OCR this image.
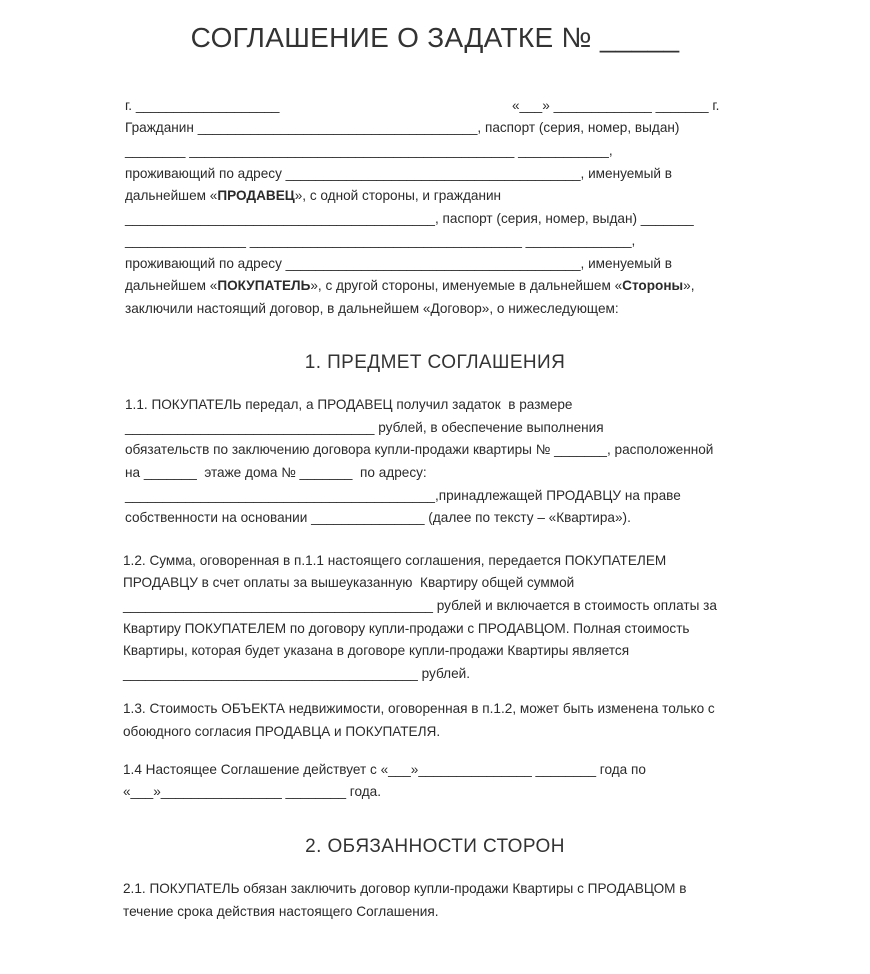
СОГЛАШЕНИЕ О ЗАДАТКЕ № _____
г. ___________________	«___» _____________ _______ г.
Гражданин _____________________________________, паспорт (серия, номер, выдан)
________ ___________________________________________ ____________,
проживающий по адресу _______________________________________, именуемый в
дальнейшем «ПРОДАВЕЦ», с одной стороны, и гражданин
_________________________________________, паспорт (серия, номер, выдан) _______
________________ ____________________________________ ______________,
проживающий по адресу _______________________________________, именуемый в
дальнейшем «ПОКУПАТЕЛЬ», с другой стороны, именуемые в дальнейшем «Стороны»,
заключили настоящий договор, в дальнейшем «Договор», о нижеследующем:
1. ПРЕДМЕТ СОГЛАШЕНИЯ
1.1. ПОКУПАТЕЛЬ передал, а ПРОДАВЕЦ получил задаток  в размере
_________________________________ рублей, в обеспечение выполнения
обязательств по заключению договора купли-продажи квартиры № _______, расположенной
на _______  этаже дома № _______  по адресу:
_________________________________________,принадлежащей ПРОДАВЦУ на праве
собственности на основании _______________ (далее по тексту – «Квартира»).
1.2. Сумма, оговоренная в п.1.1 настоящего соглашения, передается ПОКУПАТЕЛЕМ
ПРОДАВЦУ в счет оплаты за вышеуказанную  Квартиру общей суммой
_________________________________________ рублей и включается в стоимость оплаты за
Квартиру ПОКУПАТЕЛЕМ по договору купли-продажи с ПРОДАВЦОМ. Полная стоимость
Квартиры, которая будет указана в договоре купли-продажи Квартиры является
_______________________________________ рублей.
1.3. Стоимость ОБЪЕКТА недвижимости, оговоренная в п.1.2, может быть изменена только с
обоюдного согласия ПРОДАВЦА и ПОКУПАТЕЛЯ.
1.4 Настоящее Соглашение действует с «___»_______________ ________ года по
«___»________________ ________ года.
2. ОБЯЗАННОСТИ СТОРОН
2.1. ПОКУПАТЕЛЬ обязан заключить договор купли-продажи Квартиры с ПРОДАВЦОМ в
течение срока действия настоящего Соглашения.
